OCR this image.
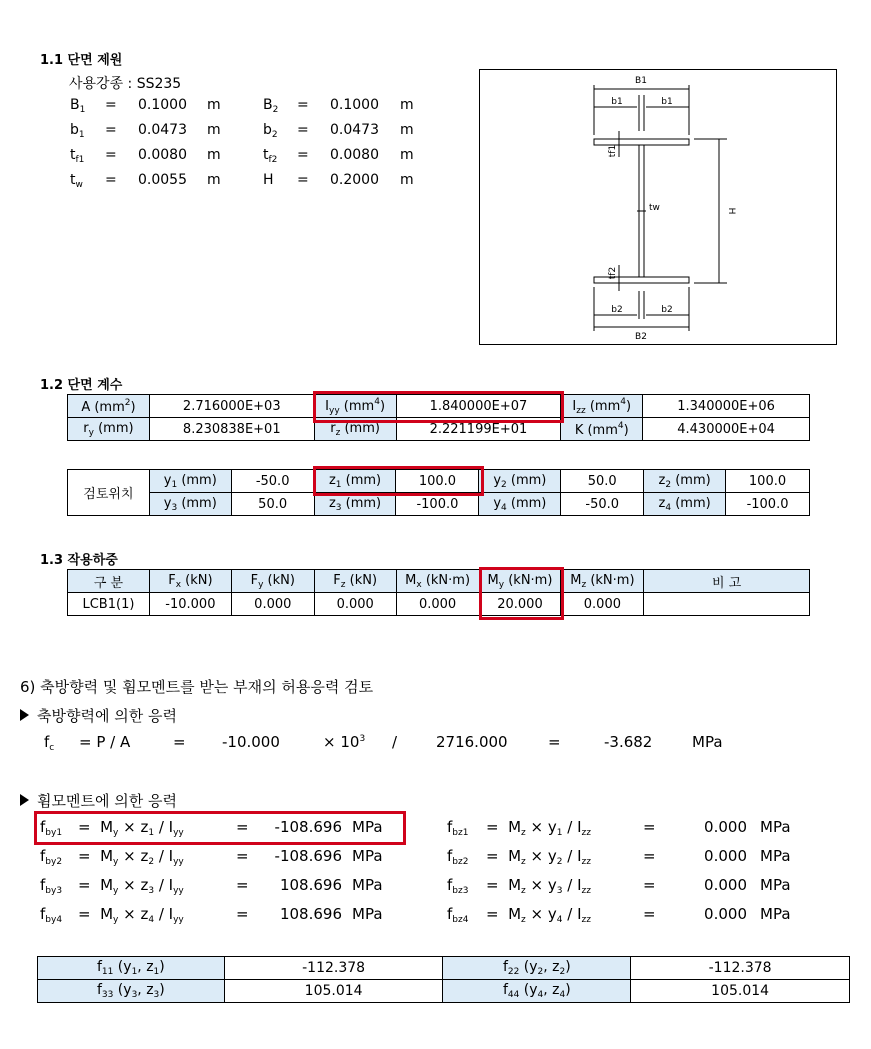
1.1 단면 제원
사용강종 : SS235
$B_1 = 0.1000$ m	$B_2 = 0.1000$ m
$b_1 = 0.0473$ m	$b_2 = 0.0473$ m
$t_{f1} = 0.0080$ m	$t_{f2} = 0.0080$ m
$t_w = 0.0055$ m	H = 0.2000 m
B1
b1	b1
tf1
tw	H
tf2
b2	b2
B2
1.2 단면 계수
A $(mm^2)$	2.716000E+03	$I_{yy}$ $(mm^4)$	1.840000E+07	$I_{zz}$ $(mm^4)$	1.340000E+06
$r_y$ (mm)	8.230838E+01	$r_z$ (mm)	2.221199E+01	K $(mm^4)$	4.430000E+04
검토위치	$y_1$ (mm)	-50.0	$z_1$ (mm)	100.0	$y_2$ (mm)	50.0	$z_2$ (mm)	100.0
	$y_3$ (mm)	50.0	$z_3$ (mm)	-100.0	$y_4$ (mm)	-50.0	$z_4$ (mm)	-100.0
1.3 작용하중
구 분	$F_x$ (kN)	$F_y$ (kN)	$F_z$ (kN)	$M_x$ (kN·m)	$M_y$ (kN·m)	$M_z$ (kN·m)	비 고
LCB1(1)	-10.000	0.000	0.000	0.000	20.000	0.000	
6) 축방향력 및 휨모멘트를 받는 부재의 허용응력 검토
축방향력에 의한 응력
$f_c = P / A$	= -10.000	× $10^3$ /	2716.000	=	-3.682	MPa
휨모멘트에 의한 응력
$f_{by1} = M_y \times z_1 / I_{yy}$	=	-108.696 MPa	$f_{bz1} = M_z \times y_1 / I_{zz}$	=	0.000 MPa
$f_{by2} = M_y \times z_2 / I_{yy}$	=	-108.696 MPa	$f_{bz2} = M_z \times y_2 / I_{zz}$	=	0.000 MPa
$f_{by3} = M_y \times z_3 / I_{yy}$	=	108.696 MPa	$f_{bz3} = M_z \times y_3 / I_{zz}$	=	0.000 MPa
$f_{by4} = M_y \times z_4 / I_{yy}$	=	108.696 MPa	$f_{bz4} = M_z \times y_4 / I_{zz}$	=	0.000 MPa
$f_{11}$ ($y_1$, $z_1$)	-112.378	$f_{22}$ ($y_2$, $z_2$)	-112.378
$f_{33}$ ($y_3$, $z_3$)	105.014	$f_{44}$ ($y_4$, $z_4$)	105.014
